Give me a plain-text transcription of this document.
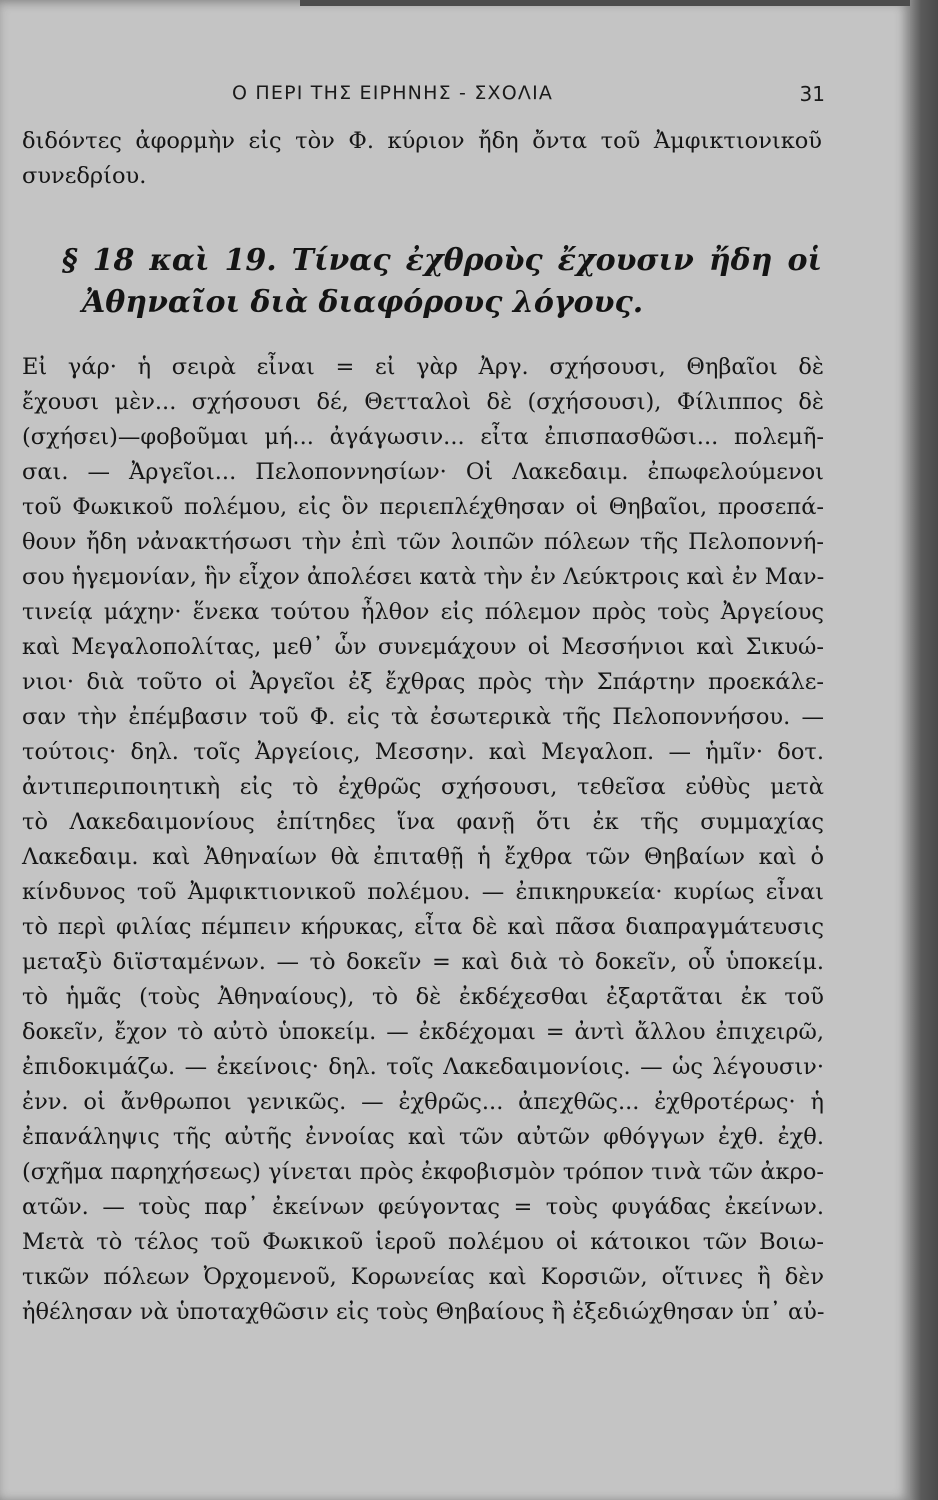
Ο ΠΕΡΙ ΤΗΣ ΕΙΡΗΝΗΣ - ΣΧΟΛΙΑ	31
διδόντες ἀφορμὴν εἰς τὸν Φ. κύριον ἤδη ὄντα τοῦ Ἀμφικτιονικοῦ
συνεδρίου.
§ 18 καὶ 19. Τίνας ἐχθροὺς ἔχουσιν ἤδη οἱ
Ἀθηναῖοι διὰ διαφόρους λόγους.
Εἰ γάρ· ἡ σειρὰ εἶναι = εἰ γὰρ Ἀργ. σχήσουσι, Θηβαῖοι δὲ
ἔχουσι μὲν... σχήσουσι δέ, Θετταλοὶ δὲ (σχήσουσι), Φίλιππος δὲ
(σχήσει)—φοβοῦμαι μή... ἀγάγωσιν... εἶτα ἐπισπασθῶσι... πολεμῆ-
σαι. — Ἀργεῖοι... Πελοποννησίων· Οἱ Λακεδαιμ. ἐπωφελούμενοι
τοῦ Φωκικοῦ πολέμου, εἰς ὃν περιεπλέχθησαν οἱ Θηβαῖοι, προσεπά-
θουν ἤδη νἀνακτήσωσι τὴν ἐπὶ τῶν λοιπῶν πόλεων τῆς Πελοποννή-
σου ἡγεμονίαν, ἣν εἶχον ἀπολέσει κατὰ τὴν ἐν Λεύκτροις καὶ ἐν Μαν-
τινείᾳ μάχην· ἕνεκα τούτου ἦλθον εἰς πόλεμον πρὸς τοὺς Ἀργείους
καὶ Μεγαλοπολίτας, μεθ᾽ ὧν συνεμάχουν οἱ Μεσσήνιοι καὶ Σικυώ-
νιοι· διὰ τοῦτο οἱ Ἀργεῖοι ἐξ ἔχθρας πρὸς τὴν Σπάρτην προεκάλε-
σαν τὴν ἐπέμβασιν τοῦ Φ. εἰς τὰ ἐσωτερικὰ τῆς Πελοποννήσου. —
τούτοις· δηλ. τοῖς Ἀργείοις, Μεσσην. καὶ Μεγαλοπ. — ἡμῖν· δοτ.
ἀντιπεριποιητικὴ εἰς τὸ ἐχθρῶς σχήσουσι, τεθεῖσα εὐθὺς μετὰ
τὸ Λακεδαιμονίους ἐπίτηδες ἵνα φανῇ ὅτι ἐκ τῆς συμμαχίας
Λακεδαιμ. καὶ Ἀθηναίων θὰ ἐπιταθῇ ἡ ἔχθρα τῶν Θηβαίων καὶ ὁ
κίνδυνος τοῦ Ἀμφικτιονικοῦ πολέμου. — ἐπικηρυκεία· κυρίως εἶναι
τὸ περὶ φιλίας πέμπειν κήρυκας, εἶτα δὲ καὶ πᾶσα διαπραγμάτευσις
μεταξὺ διϊσταμένων. — τὸ δοκεῖν = καὶ διὰ τὸ δοκεῖν, οὗ ὑποκείμ.
τὸ ἡμᾶς (τοὺς Ἀθηναίους), τὸ δὲ ἐκδέχεσθαι ἐξαρτᾶται ἐκ τοῦ
δοκεῖν, ἔχον τὸ αὐτὸ ὑποκείμ. — ἐκδέχομαι = ἀντὶ ἄλλου ἐπιχειρῶ,
ἐπιδοκιμάζω. — ἐκείνοις· δηλ. τοῖς Λακεδαιμονίοις. — ὡς λέγουσιν·
ἐνν. οἱ ἄνθρωποι γενικῶς. — ἐχθρῶς... ἀπεχθῶς... ἐχθροτέρως· ἡ
ἐπανάληψις τῆς αὐτῆς ἐννοίας καὶ τῶν αὐτῶν φθόγγων ἐχθ. ἐχθ.
(σχῆμα παρηχήσεως) γίνεται πρὸς ἐκφοβισμὸν τρόπον τινὰ τῶν ἀκρο-
ατῶν. — τοὺς παρ᾽ ἐκείνων φεύγοντας = τοὺς φυγάδας ἐκείνων.
Μετὰ τὸ τέλος τοῦ Φωκικοῦ ἱεροῦ πολέμου οἱ κάτοικοι τῶν Βοιω-
τικῶν πόλεων Ὀρχομενοῦ, Κορωνείας καὶ Κορσιῶν, οἵτινες ἢ δὲν
ἠθέλησαν νὰ ὑποταχθῶσιν εἰς τοὺς Θηβαίους ἢ ἐξεδιώχθησαν ὑπ᾽ αὐ-
